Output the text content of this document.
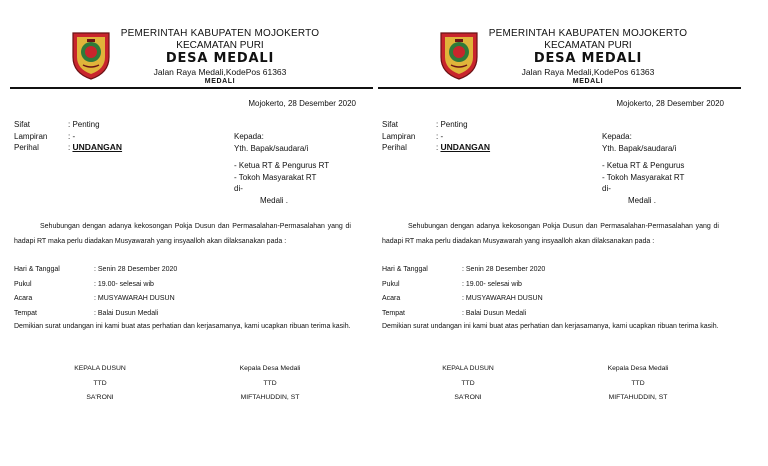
PEMERINTAH KABUPATEN MOJOKERTO
KECAMATAN PURI
DESA MEDALI
Jalan Raya Medali,KodePos 61363
MEDALI
Mojokerto, 28 Desember 2020
Sifat	: Penting
Lampiran	: -
Perihal	: UNDANGAN
Kepada:
Yth. Bapak/saudara/i
- Ketua RT & Pengurus RT
- Tokoh Masyarakat RT
di-
Medali .
Sehubungan dengan adanya kekosongan Pokja Dusun dan Permasalahan-Permasalahan yang di hadapi RT maka perlu diadakan Musyawarah yang insyaalloh akan dilaksanakan pada :
Hari & Tanggal	: Senin 28 Desember 2020
Pukul	: 19.00- selesai wib
Acara	: MUSYAWARAH DUSUN
Tempat	: Balai Dusun Medali
Demikian surat undangan ini kami buat atas perhatian dan kerjasamanya, kami ucapkan ribuan terima kasih.
KEPALA DUSUN
TTD
SA'RONI
Kepala Desa Medali
TTD
MIFTAHUDDIN, ST
PEMERINTAH KABUPATEN MOJOKERTO
KECAMATAN PURI
DESA MEDALI
Jalan Raya Medali,KodePos 61363
MEDALI
Mojokerto, 28 Desember 2020
Sifat	: Penting
Lampiran	: -
Perihal	: UNDANGAN
Kepada:
Yth. Bapak/saudara/i
- Ketua RT & Pengurus
- Tokoh Masyarakat RT
di-
Medali .
Sehubungan dengan adanya kekosongan Pokja Dusun dan Permasalahan-Permasalahan yang di hadapi RT maka perlu diadakan Musyawarah yang insyaalloh akan dilaksanakan pada :
Hari & Tanggal	: Senin 28 Desember 2020
Pukul	: 19.00- selesai wib
Acara	: MUSYAWARAH DUSUN
Tempat	: Balai Dusun Medali
Demikian surat undangan ini kami buat atas perhatian dan kerjasamanya, kami ucapkan ribuan terima kasih.
KEPALA DUSUN
TTD
SA'RONI
Kepala Desa Medali
TTD
MIFTAHUDDIN, ST
